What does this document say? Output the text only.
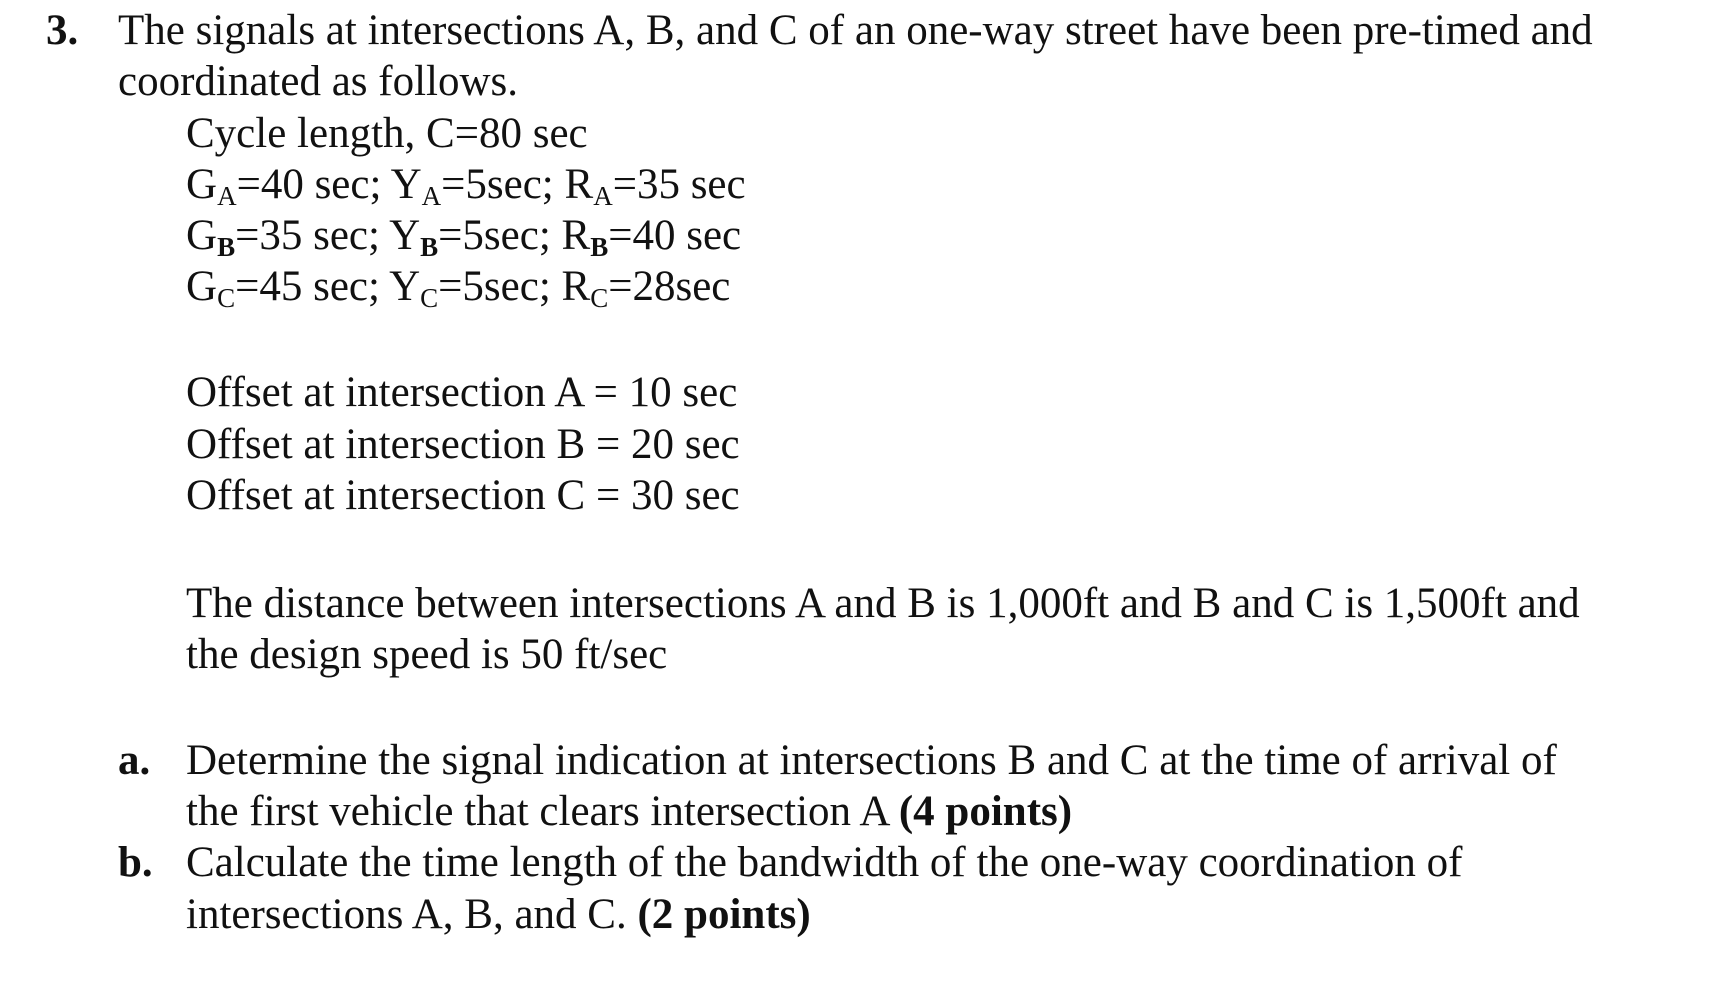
3. The signals at intersections A, B, and C of an one-way street have been pre-timed and
coordinated as follows.
Cycle length, C=80 sec
$G_A=40$ sec; $Y_A=5\sec$; $R_A=35$ sec
$G_B=35$ sec; $Y_B=5\sec$; $R_B=40$ sec
$G_C=45$ sec; $Y_C=5\sec$; $R_C=28\sec$
Offset at intersection A = 10 sec
Offset at intersection B = 20 sec
Offset at intersection C = 30 sec
The distance between intersections A and B is 1,000ft and B and C is 1,500ft and
the design speed is 50 ft/sec
a. Determine the signal indication at intersections B and C at the time of arrival of
the first vehicle that clears intersection A (4 points)
b. Calculate the time length of the bandwidth of the one-way coordination of
intersections A, B, and C. (2 points)
